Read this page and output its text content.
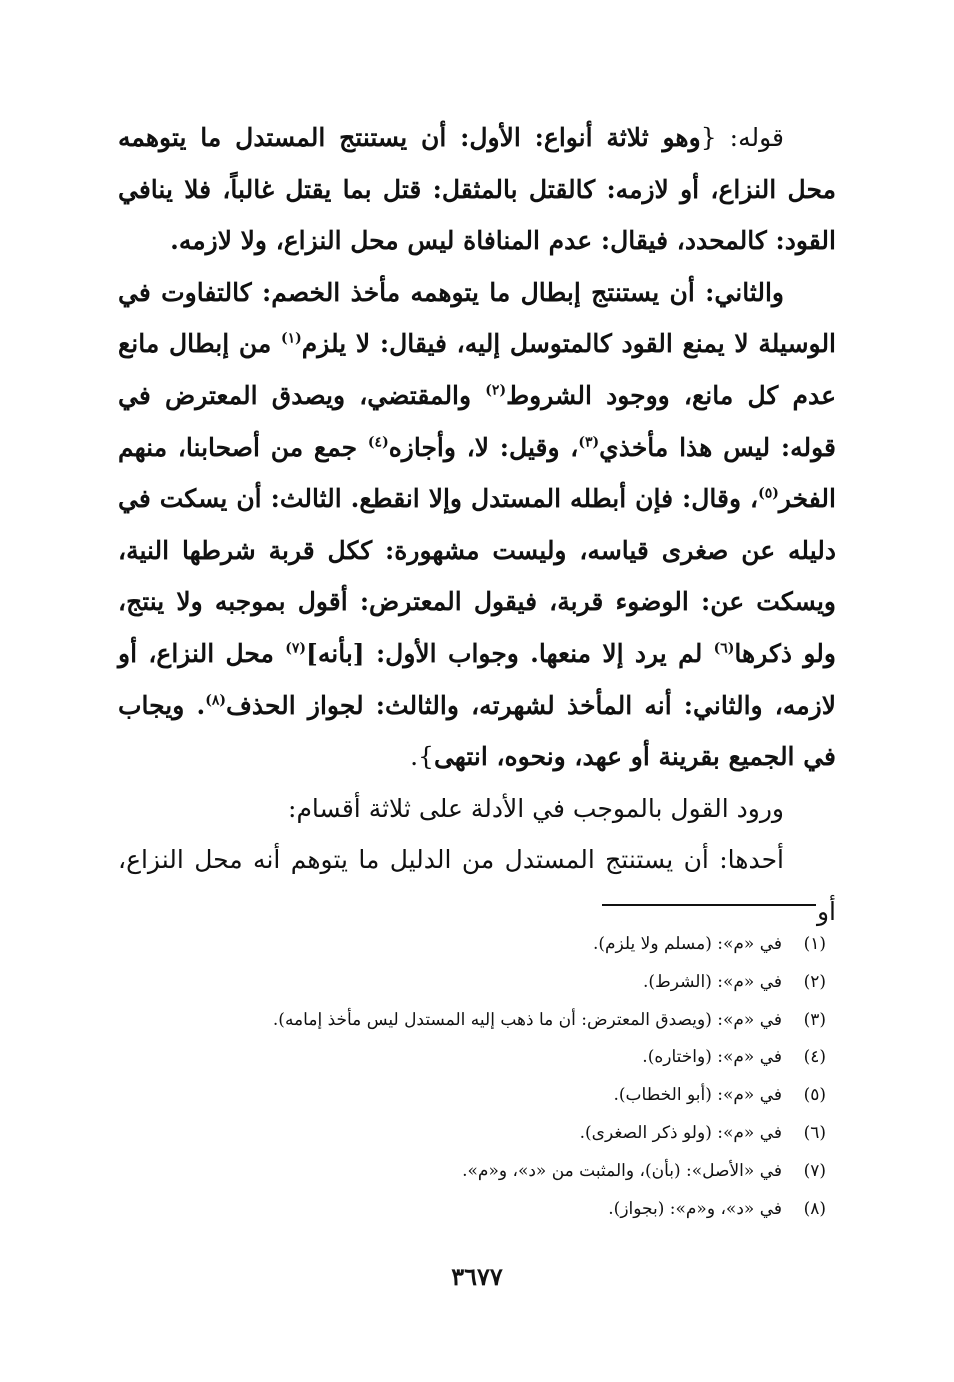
قوله: {وهو ثلاثة أنواع: الأول: أن يستنتج المستدل ما يتوهمه محل النزاع، أو لازمه: كالقتل بالمثقل: قتل بما يقتل غالباً، فلا ينافي القود: كالمحدد، فيقال: عدم المنافاة ليس محل النزاع، ولا لازمه.

والثاني: أن يستنتج إبطال ما يتوهمه مأخذ الخصم: كالتفاوت في الوسيلة لا يمنع القود كالمتوسل إليه، فيقال: لا يلزم$^{(١)}$ من إبطال مانع عدم كل مانع، ووجود الشروط$^{(٢)}$ والمقتضي، ويصدق المعترض في قوله: ليس هذا مأخذي$^{(٣)}$، وقيل: لا، وأجازه$^{(٤)}$ جمع من أصحابنا، منهم الفخر$^{(٥)}$، وقال: فإن أبطله المستدل وإلا انقطع. الثالث: أن يسكت في دليله عن صغرى قياسه، وليست مشهورة: ككل قربة شرطها النية، ويسكت عن: الوضوء قربة، فيقول المعترض: أقول بموجبه ولا ينتج، ولو ذكرها$^{(٦)}$ لم يرد إلا منعها. وجواب الأول: [بأنه]$^{(٧)}$ محل النزاع، أو لازمه، والثاني: أنه المأخذ لشهرته، والثالث: لجواز الحذف$^{(٨)}$. ويجاب في الجميع بقرينة أو عهد، ونحوه، انتهى}.

ورود القول بالموجب في الأدلة على ثلاثة أقسام:

أحدها: أن يستنتج المستدل من الدليل ما يتوهم أنه محل النزاع، أو

(١)
في «م»: (مسلم ولا يلزم).
(٢)
في «م»: (الشرط).
(٣)
في «م»: (ويصدق المعترض: أن ما ذهب إليه المستدل ليس مأخذ إمامه).
(٤)
في «م»: (واختاره).
(٥)
في «م»: (أبو الخطاب).
(٦)
في «م»: (ولو ذكر الصغرى).
(٧)
في «الأصل»: (بأن)، والمثبت من «د»، و«م».
(٨)
في «د»، و«م»: (بجواز).
٣٦٧٧
